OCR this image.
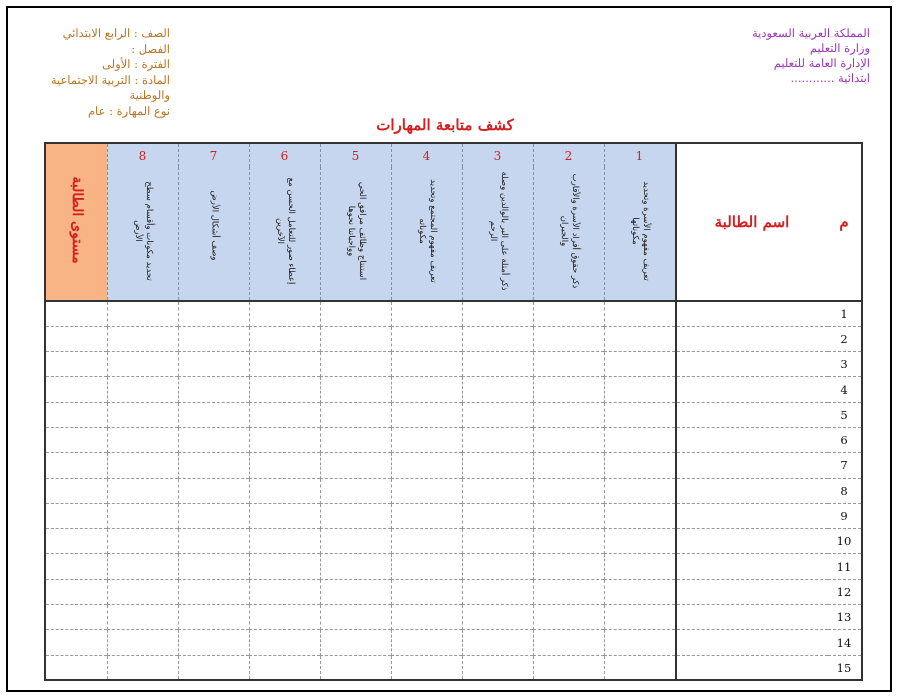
المملكة العربية السعودية
وزارة التعليم
الإدارة العامة للتعليم
ابتدائية ............
الصف : الرابع الابتدائي
الفصل :
الفترة : الأولى
المادة : التربية الاجتماعية والوطنية
نوع المهارة : عام
كشف متابعة المهارات
م	اسم الطالبة	1	2	3	4	5	6	7	8	مستوى الطالبة

		تعريف مفهوم الأسرة وتحديد مكوناتها	ذكر حقوق أفراد الأسرة والأقارب والجيران	ذكر أمثلة على البر بالوالدين وصلة الرحم	تعريف مفهوم المجتمع وتحديد مكوناته	استنتاج وظائف مرافق الحي وواجباتنا نحوها	إعطاء صور للتعامل الحسن مع الآخرين	وصف أشكال الأرض	تحديد مكونات وأقسام سطح الأرض	

1										
2										
3										
4										
5										
6										
7										
8										
9										
10										
11										
12										
13										
14										
15										
